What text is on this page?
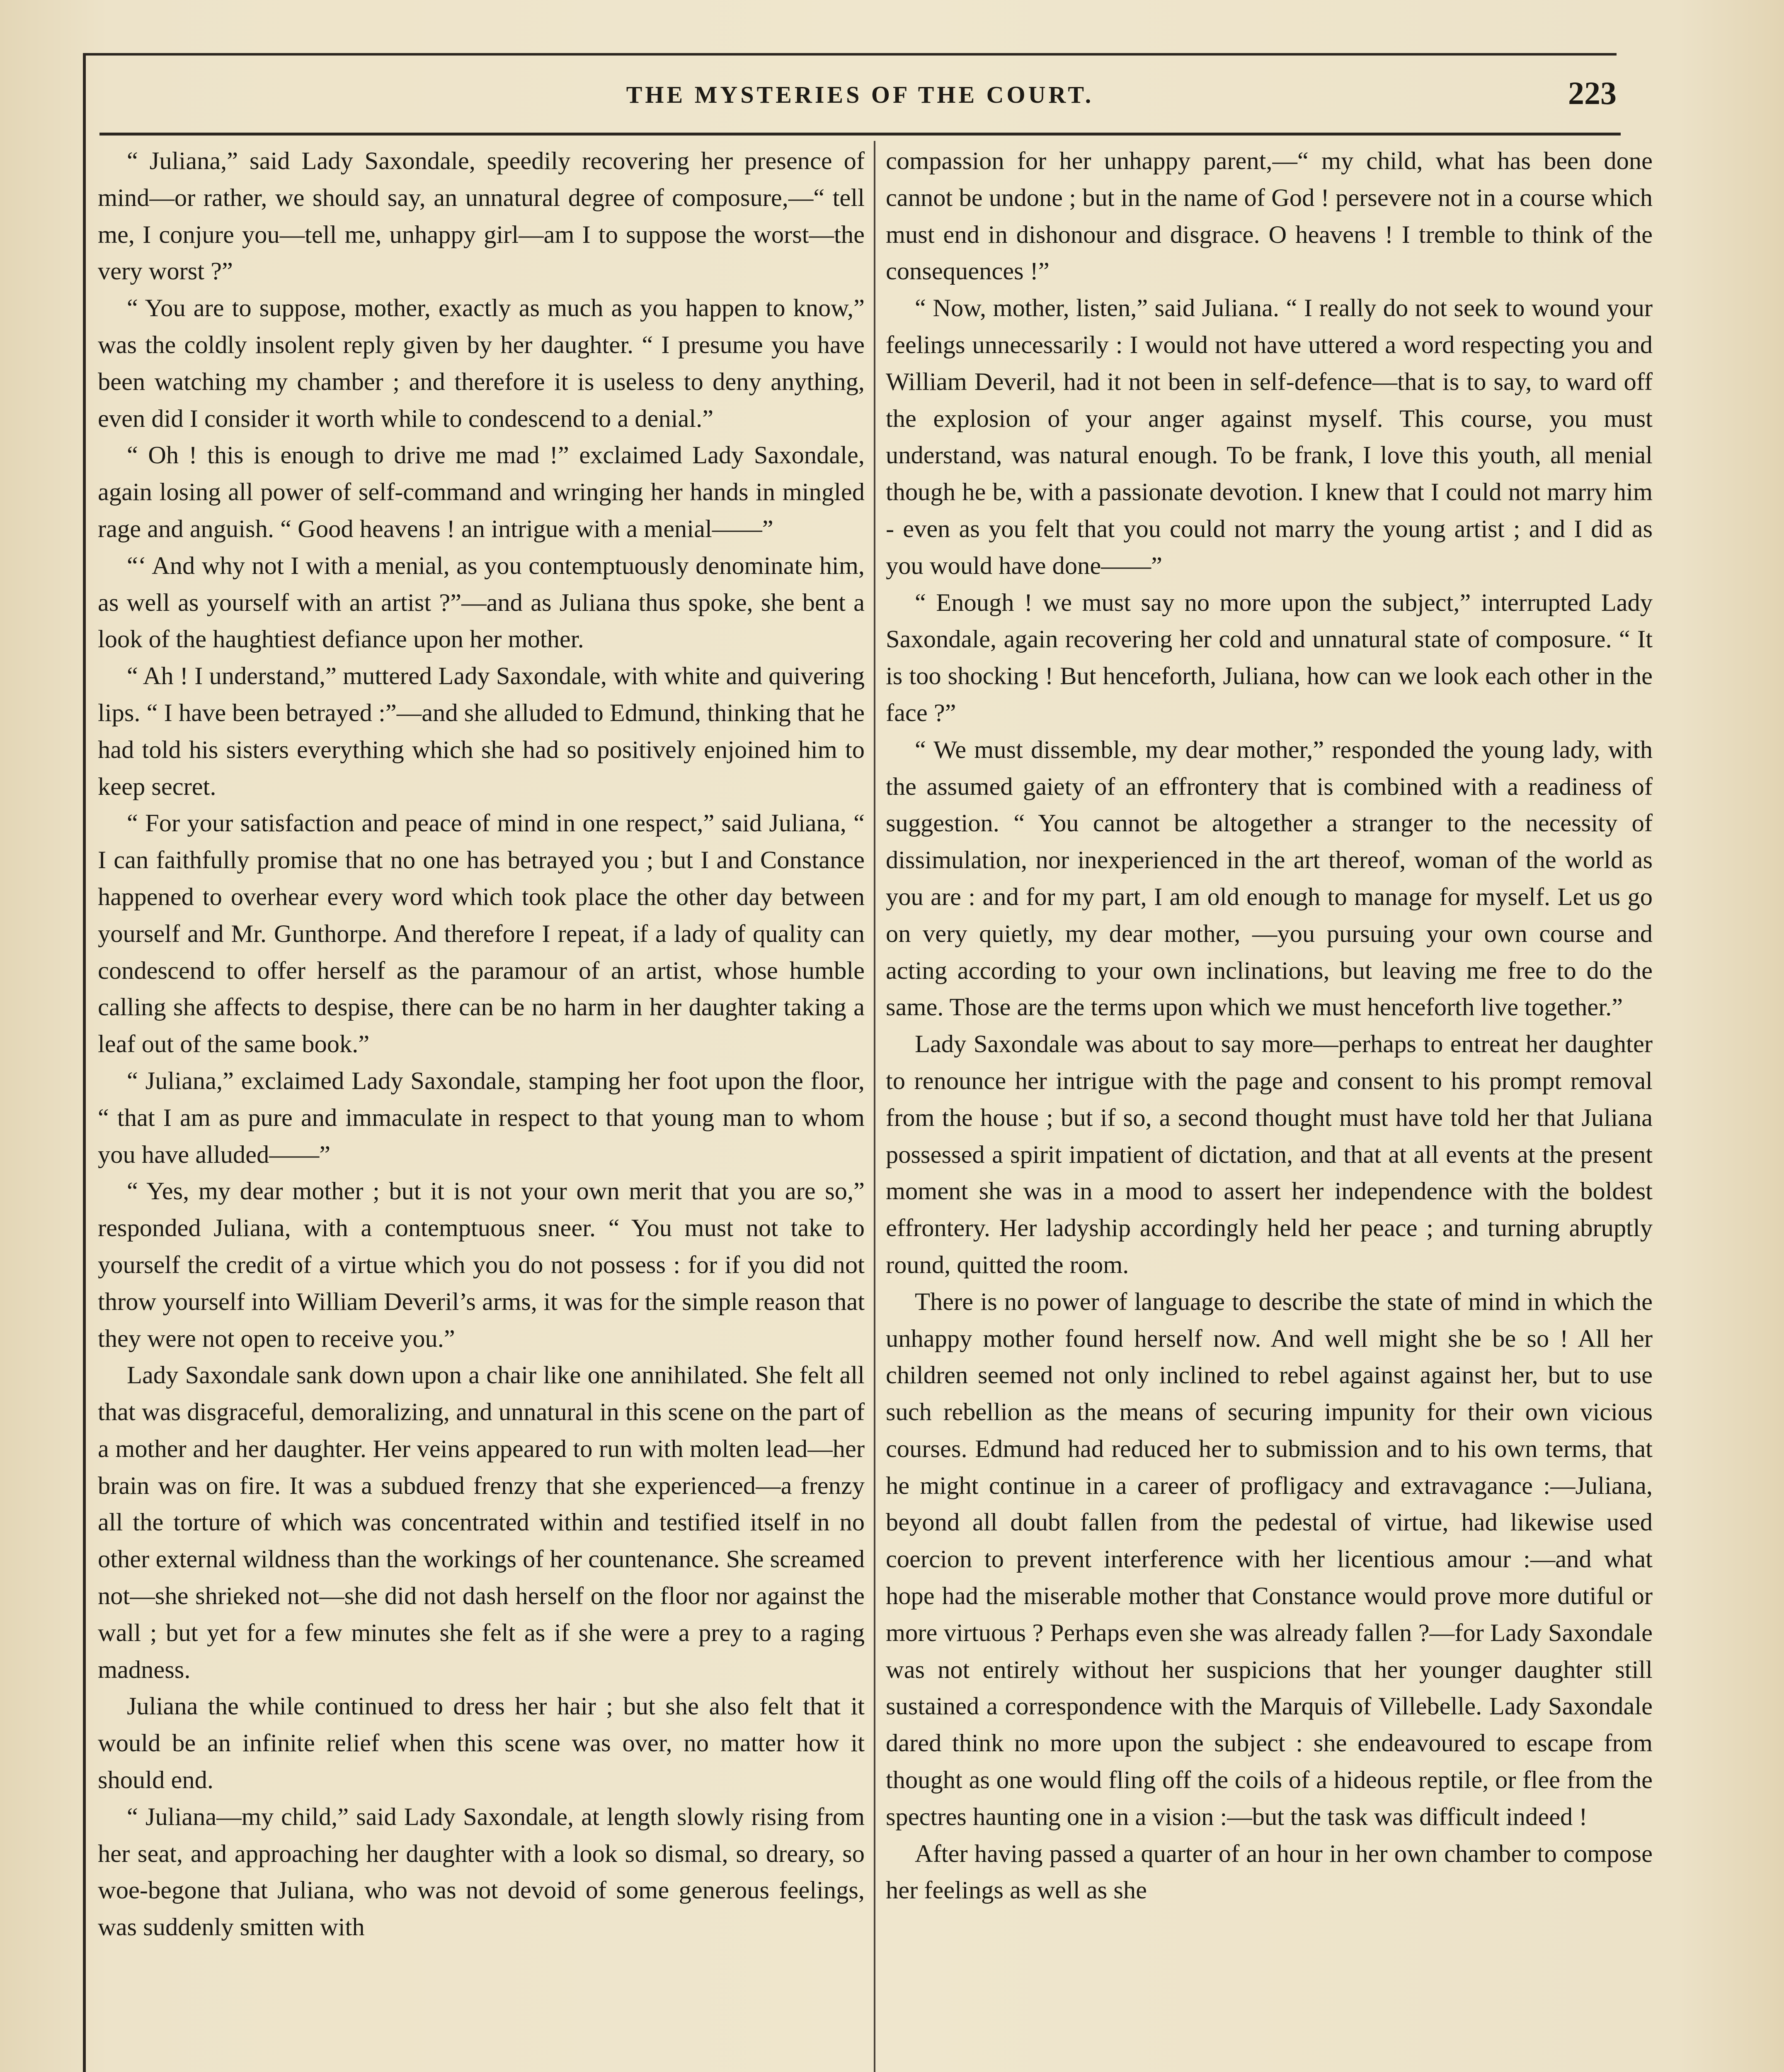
THE MYSTERIES OF THE COURT.	223

“ Juliana,” said Lady Saxondale, speedily recovering her presence of mind—or rather, we should say, an unnatural degree of composure,—“ tell me, I conjure you—tell me, unhappy girl—am I to suppose the worst—the very worst ?”

“ You are to suppose, mother, exactly as much as you happen to know,” was the coldly insolent reply given by her daughter. “ I presume you have been watching my chamber ; and therefore it is useless to deny anything, even did I consider it worth while to condescend to a denial.”

“ Oh ! this is enough to drive me mad !” exclaimed Lady Saxondale, again losing all power of self-command and wringing her hands in mingled rage and anguish. “ Good heavens ! an intrigue with a menial——”

“‘ And why not I with a menial, as you contemptuously denominate him, as well as yourself with an artist ?”—and as Juliana thus spoke, she bent a look of the haughtiest defiance upon her mother.

“ Ah ! I understand,” muttered Lady Saxondale, with white and quivering lips. “ I have been betrayed :”—and she alluded to Edmund, thinking that he had told his sisters everything which she had so positively enjoined him to keep secret.

“ For your satisfaction and peace of mind in one respect,” said Juliana, “ I can faithfully promise that no one has betrayed you ; but I and Constance happened to overhear every word which took place the other day between yourself and Mr. Gunthorpe. And therefore I repeat, if a lady of quality can condescend to offer herself as the paramour of an artist, whose humble calling she affects to despise, there can be no harm in her daughter taking a leaf out of the same book.”

“ Juliana,” exclaimed Lady Saxondale, stamping her foot upon the floor, “ that I am as pure and immaculate in respect to that young man to whom you have alluded——”

“ Yes, my dear mother ; but it is not your own merit that you are so,” responded Juliana, with a contemptuous sneer. “ You must not take to yourself the credit of a virtue which you do not possess : for if you did not throw yourself into William Deveril’s arms, it was for the simple reason that they were not open to receive you.”

Lady Saxondale sank down upon a chair like one annihilated. She felt all that was disgraceful, demoralizing, and unnatural in this scene on the part of a mother and her daughter. Her veins appeared to run with molten lead—her brain was on fire. It was a subdued frenzy that she experienced—a frenzy all the torture of which was concentrated within and testified itself in no other external wildness than the workings of her countenance. She screamed not—she shrieked not—she did not dash herself on the floor nor against the wall ; but yet for a few minutes she felt as if she were a prey to a raging madness.

Juliana the while continued to dress her hair ; but she also felt that it would be an infinite relief when this scene was over, no matter how it should end.

“ Juliana—my child,” said Lady Saxondale, at length slowly rising from her seat, and approaching her daughter with a look so dismal, so dreary, so woe-begone that Juliana, who was not devoid of some generous feelings, was suddenly smitten with

compassion for her unhappy parent,—“ my child, what has been done cannot be undone ; but in the name of God ! persevere not in a course which must end in dishonour and disgrace. O heavens ! I tremble to think of the consequences !”

“ Now, mother, listen,” said Juliana. “ I really do not seek to wound your feelings unnecessarily : I would not have uttered a word respecting you and William Deveril, had it not been in self-defence—that is to say, to ward off the explosion of your anger against myself. This course, you must understand, was natural enough. To be frank, I love this youth, all menial though he be, with a passionate devotion. I knew that I could not marry him - even as you felt that you could not marry the young artist ; and I did as you would have done——”

“ Enough ! we must say no more upon the subject,” interrupted Lady Saxondale, again recovering her cold and unnatural state of composure. “ It is too shocking ! But henceforth, Juliana, how can we look each other in the face ?”

“ We must dissemble, my dear mother,” responded the young lady, with the assumed gaiety of an effrontery that is combined with a readiness of suggestion. “ You cannot be altogether a stranger to the necessity of dissimulation, nor inexperienced in the art thereof, woman of the world as you are : and for my part, I am old enough to manage for myself. Let us go on very quietly, my dear mother, —you pursuing your own course and acting according to your own inclinations, but leaving me free to do the same. Those are the terms upon which we must henceforth live together.”

Lady Saxondale was about to say more—perhaps to entreat her daughter to renounce her intrigue with the page and consent to his prompt removal from the house ; but if so, a second thought must have told her that Juliana possessed a spirit impatient of dictation, and that at all events at the present moment she was in a mood to assert her independence with the boldest effrontery. Her ladyship accordingly held her peace ; and turning abruptly round, quitted the room.

There is no power of language to describe the state of mind in which the unhappy mother found herself now. And well might she be so ! All her children seemed not only inclined to rebel against against her, but to use such rebellion as the means of securing impunity for their own vicious courses. Edmund had reduced her to submission and to his own terms, that he might continue in a career of profligacy and extravagance :—Juliana, beyond all doubt fallen from the pedestal of virtue, had likewise used coercion to prevent interference with her licentious amour :—and what hope had the miserable mother that Constance would prove more dutiful or more virtuous ? Perhaps even she was already fallen ?—for Lady Saxondale was not entirely without her suspicions that her younger daughter still sustained a correspondence with the Marquis of Villebelle. Lady Saxondale dared think no more upon the subject : she endeavoured to escape from thought as one would fling off the coils of a hideous reptile, or flee from the spectres haunting one in a vision :—but the task was difficult indeed !

After having passed a quarter of an hour in her own chamber to compose her feelings as well as she
